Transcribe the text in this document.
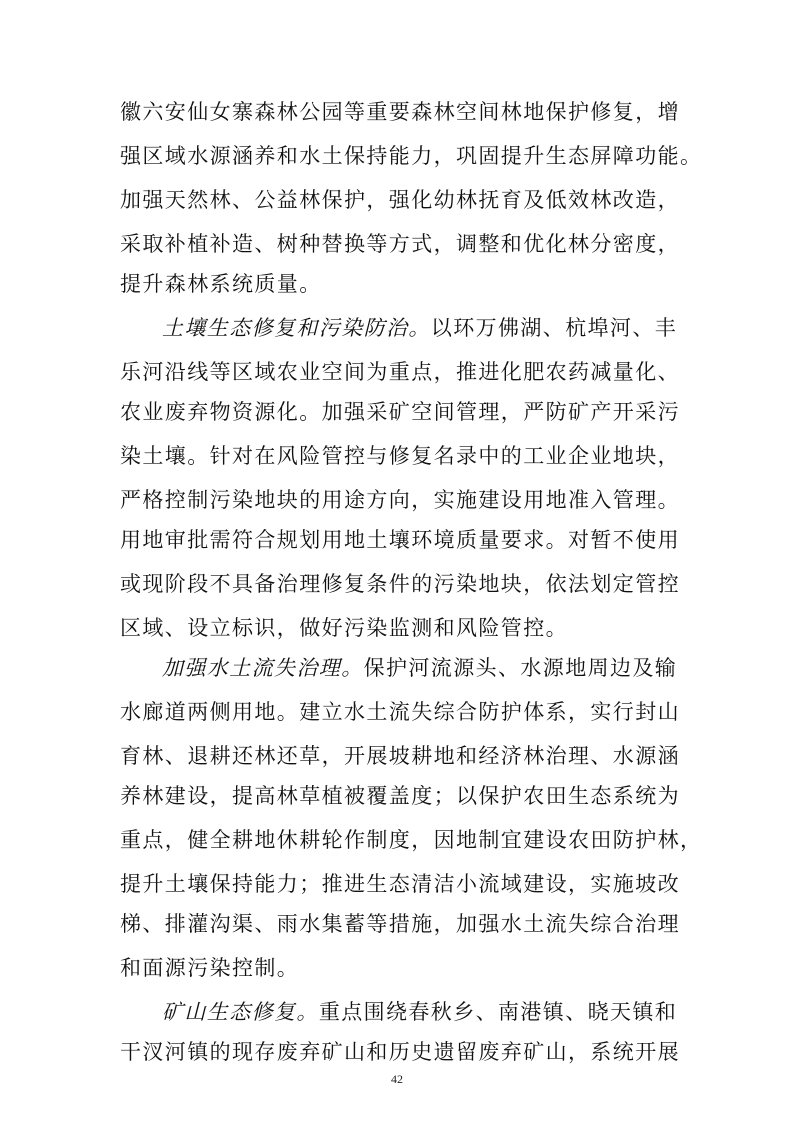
徽六安仙女寨森林公园等重要森林空间林地保护修复，增
强区域水源涵养和水土保持能力，巩固提升生态屏障功能。
加强天然林、公益林保护，强化幼林抚育及低效林改造，
采取补植补造、树种替换等方式，调整和优化林分密度，
提升森林系统质量。
土壤生态修复和污染防治。以环万佛湖、杭埠河、丰
乐河沿线等区域农业空间为重点，推进化肥农药减量化、
农业废弃物资源化。加强采矿空间管理，严防矿产开采污
染土壤。针对在风险管控与修复名录中的工业企业地块，
严格控制污染地块的用途方向，实施建设用地准入管理。
用地审批需符合规划用地土壤环境质量要求。对暂不使用
或现阶段不具备治理修复条件的污染地块，依法划定管控
区域、设立标识，做好污染监测和风险管控。
加强水土流失治理。保护河流源头、水源地周边及输
水廊道两侧用地。建立水土流失综合防护体系，实行封山
育林、退耕还林还草，开展坡耕地和经济林治理、水源涵
养林建设，提高林草植被覆盖度；以保护农田生态系统为
重点，健全耕地休耕轮作制度，因地制宜建设农田防护林，
提升土壤保持能力；推进生态清洁小流域建设，实施坡改
梯、排灌沟渠、雨水集蓄等措施，加强水土流失综合治理
和面源污染控制。
矿山生态修复。重点围绕春秋乡、南港镇、晓天镇和
干汊河镇的现存废弃矿山和历史遗留废弃矿山，系统开展
42
